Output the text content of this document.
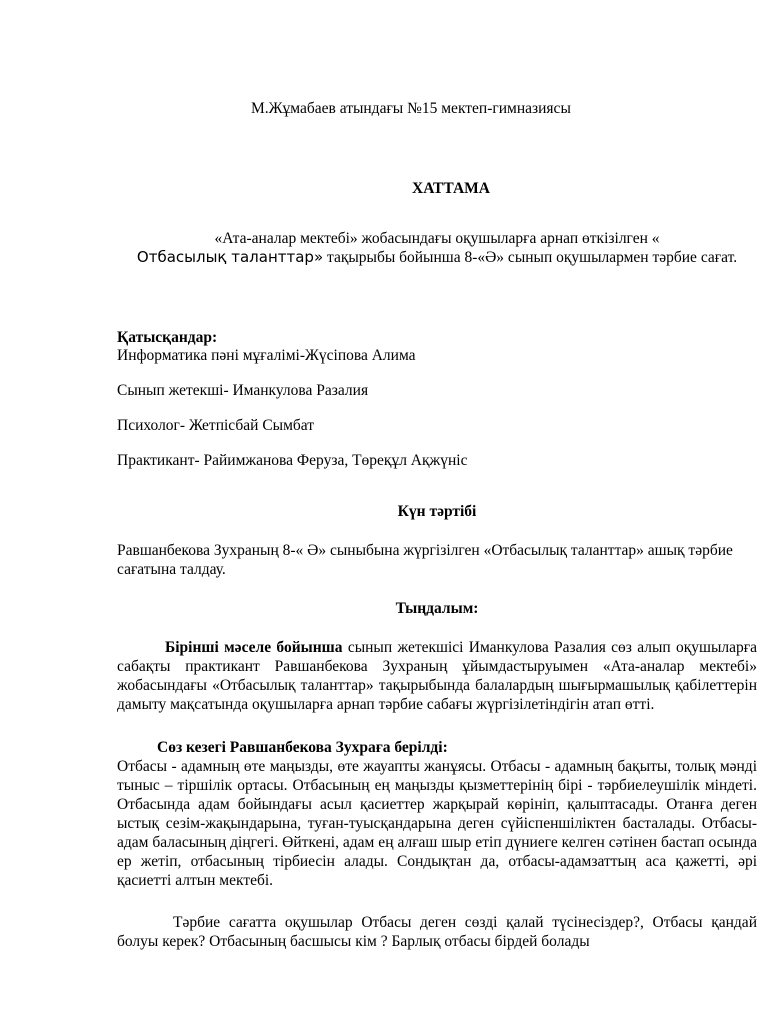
М.Жұмабаев атындағы №15 мектеп-гимназиясы
ХАТТАМА
«Ата-аналар мектебі» жобасындағы оқушыларға арнап өткізілген «
Отбасылық таланттар» тақырыбы бойынша 8-«Ә» сынып оқушылармен тәрбие сағат.
Қатысқандар:
Информатика пәні мұғалімі-Жүсіпова Алима
Сынып жетекші- Иманкулова Разалия
Психолог- Жетпісбай Сымбат
Практикант- Райимжанова Феруза, Төреқұл Ақжүніс
Күн тәртібі
Равшанбекова Зухраның 8-« Ә» сыныбына жүргізілген «Отбасылық таланттар» ашық тәрбие сағатына талдау.
Тыңдалым:
Бірінші мәселе бойынша сынып жетекшісі Иманкулова Разалия сөз алып оқушыларға сабақты практикант Равшанбекова Зухраның ұйымдастыруымен «Ата-аналар мектебі» жобасындағы «Отбасылық таланттар» тақырыбында балалардың шығырмашылық қабілеттерін дамыту мақсатында оқушыларға арнап тәрбие сабағы жүргізілетіндігін атап өтті.
Сөз кезегі Равшанбековa Зухраға берілді:
Отбасы - адамның өте маңызды, өте жауапты жанұясы. Отбасы - адамның бақыты, толық мәнді тыныс – тіршілік ортасы. Отбасының ең маңызды қызметтерінің бірі - тәрбиелеушілік міндеті. Отбасында адам бойындағы асыл қасиеттер жарқырай көрініп, қалыптасады. Отанға деген ыстық сезім-жақындарына, туған-туысқандарына деген сүйіспеншіліктен басталады. Отбасы- адам баласының діңгегі. Өйткені, адам ең алғаш шыр етіп дүниеге келген сәтінен бастап осында ер жетіп, отбасының тірбиесін алады. Сондықтан да, отбасы-адамзаттың аса қажетті, әрі қасиетті алтын мектебі.
Тәрбие сағатта оқушылар Отбасы деген сөзді қалай түсінесіздер?, Отбасы қандай болуы керек? Отбасының басшысы кім ? Барлық отбасы бірдей болады
